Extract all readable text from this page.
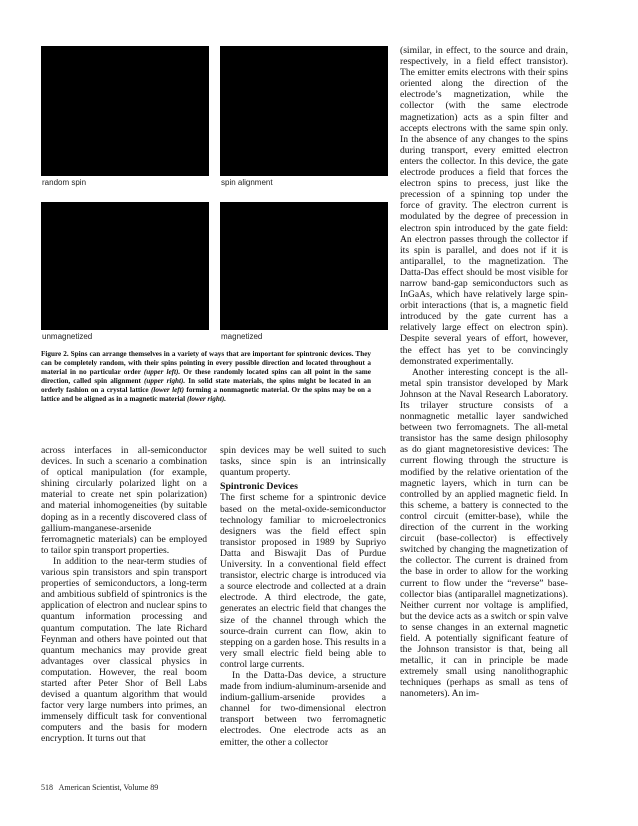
random spin	spin alignment
unmagnetized	magnetized
Figure 2. Spins can arrange themselves in a variety of ways that are important for spintronic devices. They can be completely random, with their spins pointing in every possible direction and located throughout a material in no particular order (upper left). Or these randomly located spins can all point in the same direction, called spin alignment (upper right). In solid state materials, the spins might be located in an orderly fashion on a crystal lattice (lower left) forming a nonmagnetic material. Or the spins may be on a lattice and be aligned as in a magnetic material (lower right).

across interfaces in all-semiconductor devices. In such a scenario a combination of optical manipulation (for example, shining circularly polarized light on a material to create net spin polarization) and material inhomogeneities (by suitable doping as in a recently discovered class of gallium-manganese-arsenide ferromagnetic materials) can be employed to tailor spin transport properties.

In addition to the near-term studies of various spin transistors and spin transport properties of semiconductors, a long-term and ambitious subfield of spintronics is the application of electron and nuclear spins to quantum information processing and quantum computation. The late Richard Feynman and others have pointed out that quantum mechanics may provide great advantages over classical physics in computation. However, the real boom started after Peter Shor of Bell Labs devised a quantum algorithm that would factor very large numbers into primes, an immensely difficult task for conventional computers and the basis for modern encryption. It turns out that

spin devices may be well suited to such tasks, since spin is an intrinsically quantum property.

Spintronic Devices

The first scheme for a spintronic device based on the metal-oxide-semiconductor technology familiar to microelectronics designers was the field effect spin transistor proposed in 1989 by Supriyo Datta and Biswajit Das of Purdue University. In a conventional field effect transistor, electric charge is introduced via a source electrode and collected at a drain electrode. A third electrode, the gate, generates an electric field that changes the size of the channel through which the source-drain current can flow, akin to stepping on a garden hose. This results in a very small electric field being able to control large currents.

In the Datta-Das device, a structure made from indium-aluminum-arsenide and indium-gallium-arsenide provides a channel for two-dimensional electron transport between two ferromagnetic electrodes. One electrode acts as an emitter, the other a collector

(similar, in effect, to the source and drain, respectively, in a field effect transistor). The emitter emits electrons with their spins oriented along the direction of the electrode’s magnetization, while the collector (with the same electrode magnetization) acts as a spin filter and accepts electrons with the same spin only. In the absence of any changes to the spins during transport, every emitted electron enters the collector. In this device, the gate electrode produces a field that forces the electron spins to precess, just like the precession of a spinning top under the force of gravity. The electron current is modulated by the degree of precession in electron spin introduced by the gate field: An electron passes through the collector if its spin is parallel, and does not if it is antiparallel, to the magnetization. The Datta-Das effect should be most visible for narrow band-gap semiconductors such as InGaAs, which have relatively large spin-orbit interactions (that is, a magnetic field introduced by the gate current has a relatively large effect on electron spin). Despite several years of effort, however, the effect has yet to be convincingly demonstrated experimentally.

Another interesting concept is the all-metal spin transistor developed by Mark Johnson at the Naval Research Laboratory. Its trilayer structure consists of a nonmagnetic metallic layer sandwiched between two ferromagnets. The all-metal transistor has the same design philosophy as do giant magnetoresistive devices: The current flowing through the structure is modified by the relative orientation of the magnetic layers, which in turn can be controlled by an applied magnetic field. In this scheme, a battery is connected to the control circuit (emitter-base), while the direction of the current in the working circuit (base-collector) is effectively switched by changing the magnetization of the collector. The current is drained from the base in order to allow for the working current to flow under the “reverse” base-collector bias (antiparallel magnetizations). Neither current nor voltage is amplified, but the device acts as a switch or spin valve to sense changes in an external magnetic field. A potentially significant feature of the Johnson transistor is that, being all metallic, it can in principle be made extremely small using nanolithographic techniques (perhaps as small as tens of nanometers). An im-

518 American Scientist, Volume 89
